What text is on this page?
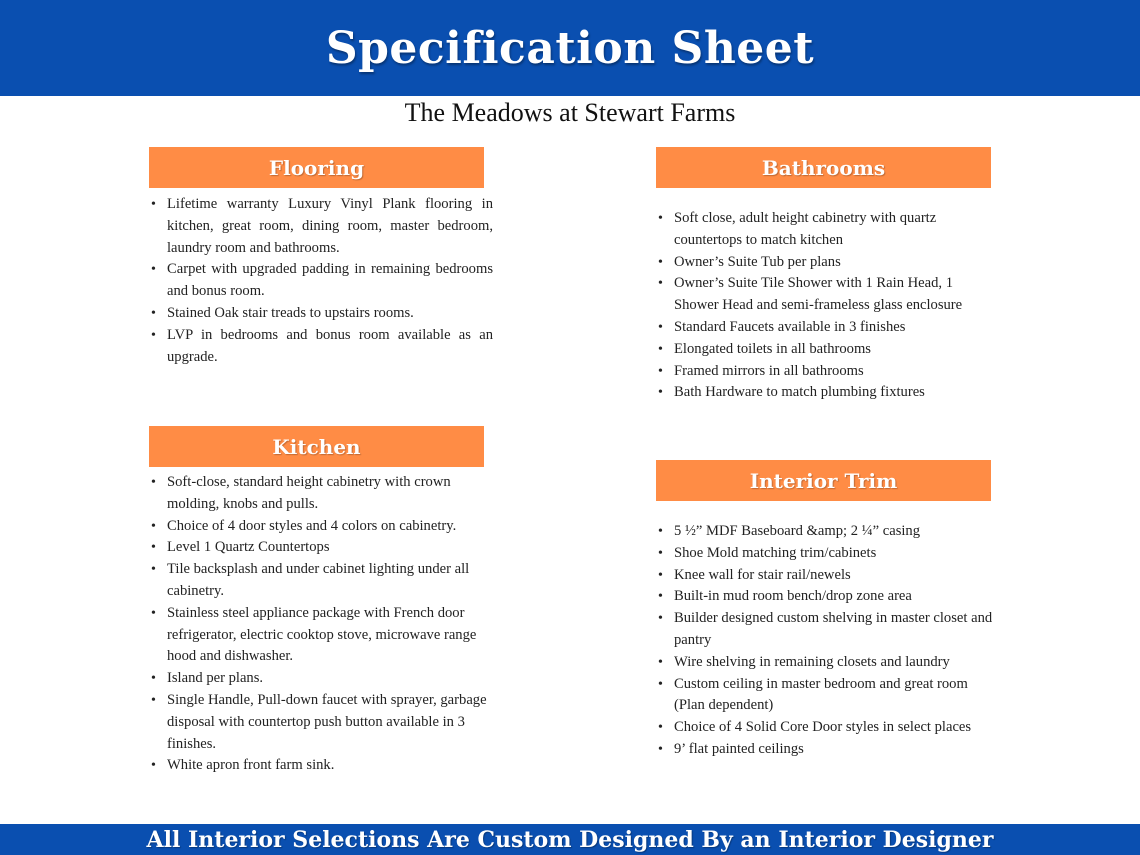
Specification Sheet
The Meadows at Stewart Farms
Flooring
• Lifetime warranty Luxury Vinyl Plank flooring in kitchen, great room, dining room, master bedroom, laundry room and bathrooms.
• Carpet with upgraded padding in remaining bedrooms and bonus room.
• Stained Oak stair treads to upstairs rooms.
• LVP in bedrooms and bonus room available as an upgrade.
Bathrooms
• Soft close, adult height cabinetry with quartz countertops to match kitchen
• Owner’s Suite Tub per plans
• Owner’s Suite Tile Shower with 1 Rain Head, 1 Shower Head and semi-frameless glass enclosure
• Standard Faucets available in 3 finishes
• Elongated toilets in all bathrooms
• Framed mirrors in all bathrooms
• Bath Hardware to match plumbing fixtures
Kitchen
• Soft-close, standard height cabinetry with crown molding, knobs and pulls.
• Choice of 4 door styles and 4 colors on cabinetry.
• Level 1 Quartz Countertops
• Tile backsplash and under cabinet lighting under all cabinetry.
• Stainless steel appliance package with French door refrigerator, electric cooktop stove, microwave range hood and dishwasher.
• Island per plans.
• Single Handle, Pull-down faucet with sprayer, garbage disposal with countertop push button available in 3 finishes.
• White apron front farm sink.
Interior Trim
• 5 ½” MDF Baseboard &amp; 2 ¼” casing
• Shoe Mold matching trim/cabinets
• Knee wall for stair rail/newels
• Built-in mud room bench/drop zone area
• Builder designed custom shelving in master closet and pantry
• Wire shelving in remaining closets and laundry
• Custom ceiling in master bedroom and great room (Plan dependent)
• Choice of 4 Solid Core Door styles in select places
• 9’ flat painted ceilings
All Interior Selections Are Custom Designed By an Interior Designer
